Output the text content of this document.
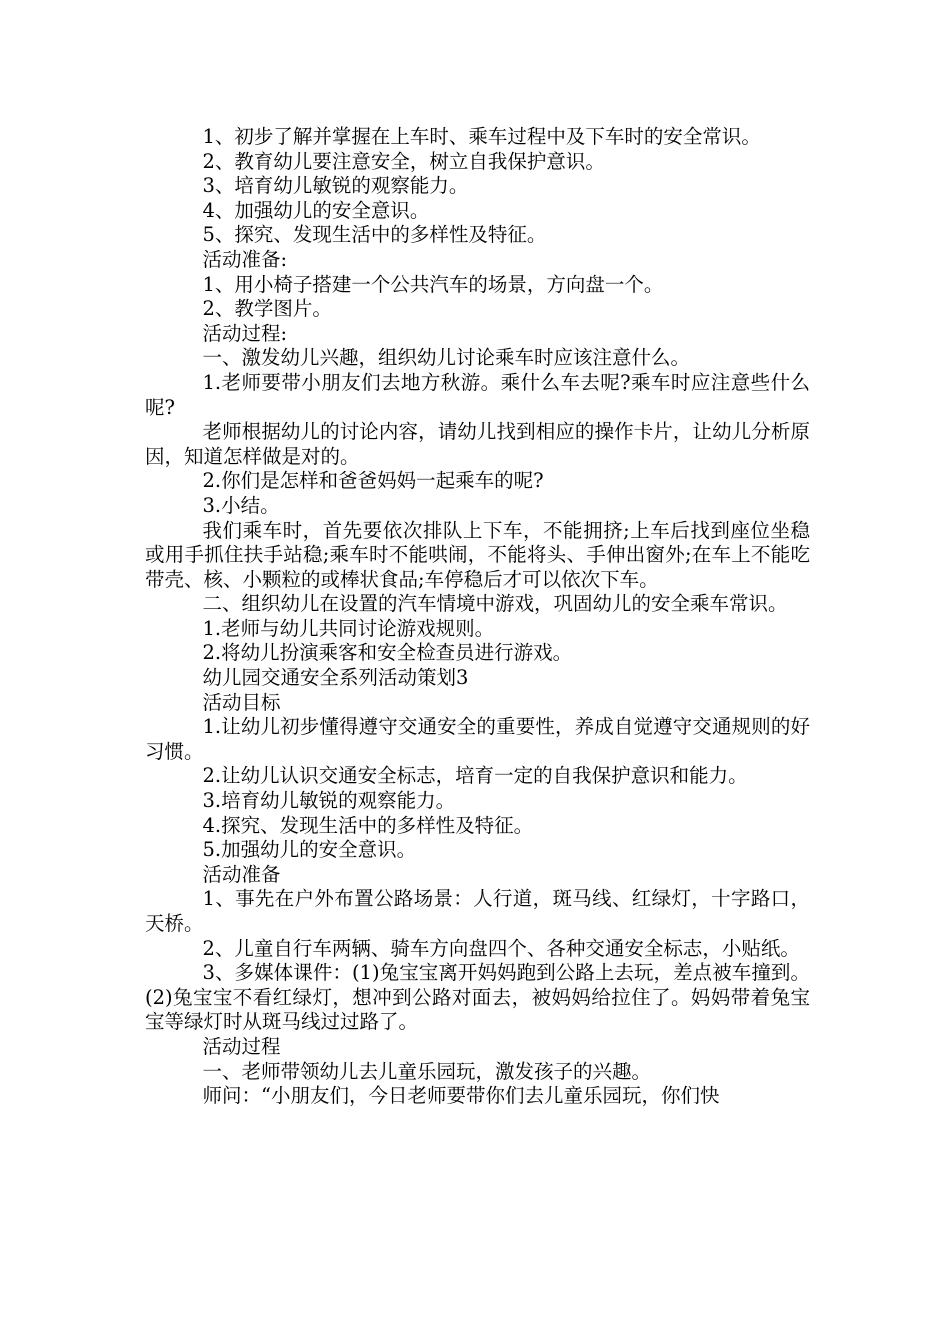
1、初步了解并掌握在上车时、乘车过程中及下车时的安全常识。

2、教育幼儿要注意安全，树立自我保护意识。

3、培育幼儿敏锐的观察能力。

4、加强幼儿的安全意识。

5、探究、发现生活中的多样性及特征。

活动准备:

1、用小椅子搭建一个公共汽车的场景，方向盘一个。

2、教学图片。

活动过程:

一、激发幼儿兴趣，组织幼儿讨论乘车时应该注意什么。

1.老师要带小朋友们去地方秋游。乘什么车去呢?乘车时应注意些什么呢?

老师根据幼儿的讨论内容，请幼儿找到相应的操作卡片，让幼儿分析原因，知道怎样做是对的。

2.你们是怎样和爸爸妈妈一起乘车的呢?

3.小结。

我们乘车时，首先要依次排队上下车，不能拥挤;上车后找到座位坐稳或用手抓住扶手站稳;乘车时不能哄闹，不能将头、手伸出窗外;在车上不能吃带壳、核、小颗粒的或棒状食品;车停稳后才可以依次下车。

二、组织幼儿在设置的汽车情境中游戏，巩固幼儿的安全乘车常识。

1.老师与幼儿共同讨论游戏规则。

2.将幼儿扮演乘客和安全检查员进行游戏。

幼儿园交通安全系列活动策划3

活动目标

1.让幼儿初步懂得遵守交通安全的重要性，养成自觉遵守交通规则的好习惯。

2.让幼儿认识交通安全标志，培育一定的自我保护意识和能力。

3.培育幼儿敏锐的观察能力。

4.探究、发现生活中的多样性及特征。

5.加强幼儿的安全意识。

活动准备

1、事先在户外布置公路场景：人行道，斑马线、红绿灯，十字路口，天桥。

2、儿童自行车两辆、骑车方向盘四个、各种交通安全标志，小贴纸。

3、多媒体课件：(1)兔宝宝离开妈妈跑到公路上去玩，差点被车撞到。(2)兔宝宝不看红绿灯，想冲到公路对面去，被妈妈给拉住了。妈妈带着兔宝宝等绿灯时从斑马线过过路了。

活动过程

一、老师带领幼儿去儿童乐园玩，激发孩子的兴趣。

师问：“小朋友们，今日老师要带你们去儿童乐园玩，你们快
